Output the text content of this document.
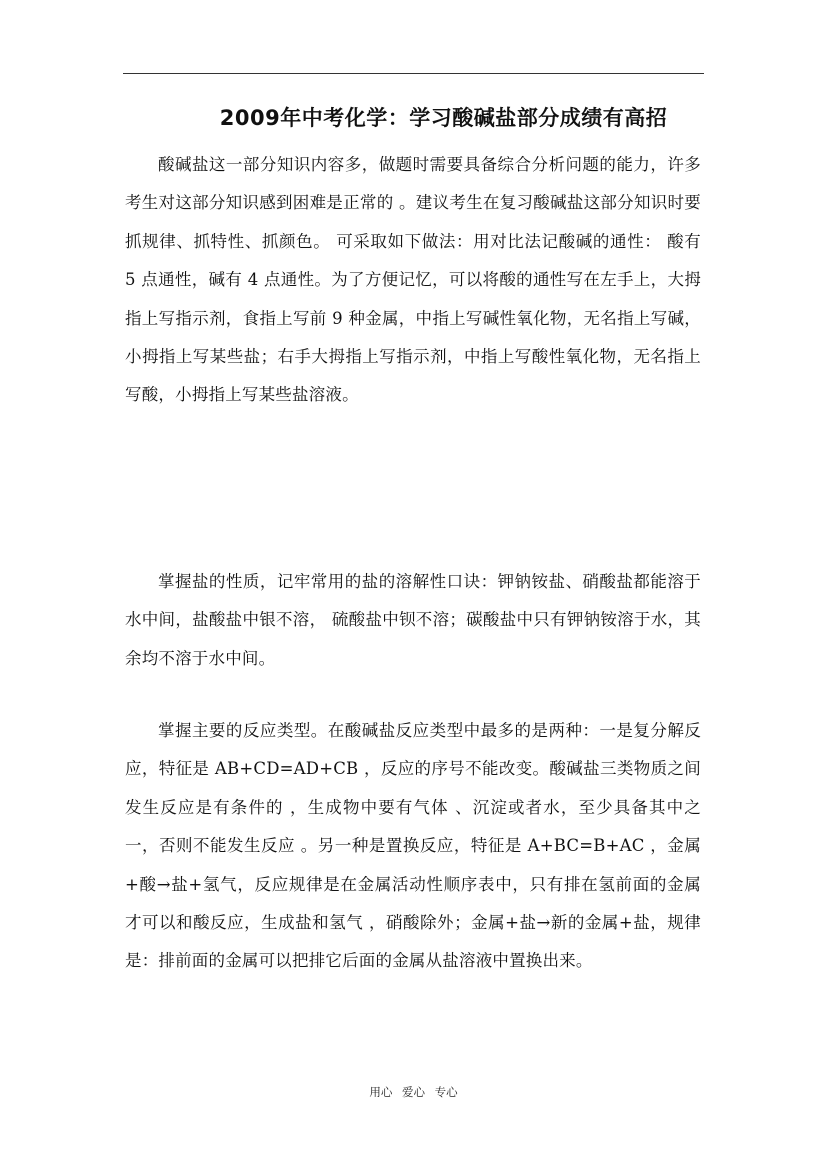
2009年中考化学：学习酸碱盐部分成绩有高招

酸碱盐这一部分知识内容多，做题时需要具备综合分析问题的能力，许多考生对这部分知识感到困难是正常的 。建议考生在复习酸碱盐这部分知识时要抓规律、抓特性、抓颜色。 可采取如下做法：用对比法记酸碱的通性： 酸有 5 点通性，碱有 4 点通性。为了方便记忆，可以将酸的通性写在左手上，大拇指上写指示剂，食指上写前 9 种金属，中指上写碱性氧化物，无名指上写碱， 小拇指上写某些盐；右手大拇指上写指示剂，中指上写酸性氧化物，无名指上写酸，小拇指上写某些盐溶液。

掌握盐的性质，记牢常用的盐的溶解性口诀：钾钠铵盐、硝酸盐都能溶于水中间，盐酸盐中银不溶， 硫酸盐中钡不溶；碳酸盐中只有钾钠铵溶于水，其余均不溶于水中间。

掌握主要的反应类型。在酸碱盐反应类型中最多的是两种：一是复分解反应，特征是 AB+CD=AD+CB ，反应的序号不能改变。酸碱盐三类物质之间发生反应是有条件的 ，生成物中要有气体 、沉淀或者水，至少具备其中之一，否则不能发生反应 。另一种是置换反应，特征是 A+BC=B+AC ，金属+酸→盐+氢气，反应规律是在金属活动性顺序表中，只有排在氢前面的金属才可以和酸反应，生成盐和氢气 ，硝酸除外；金属+盐→新的金属+盐，规律是：排前面的金属可以把排它后面的金属从盐溶液中置换出来。

用心 爱心 专心
